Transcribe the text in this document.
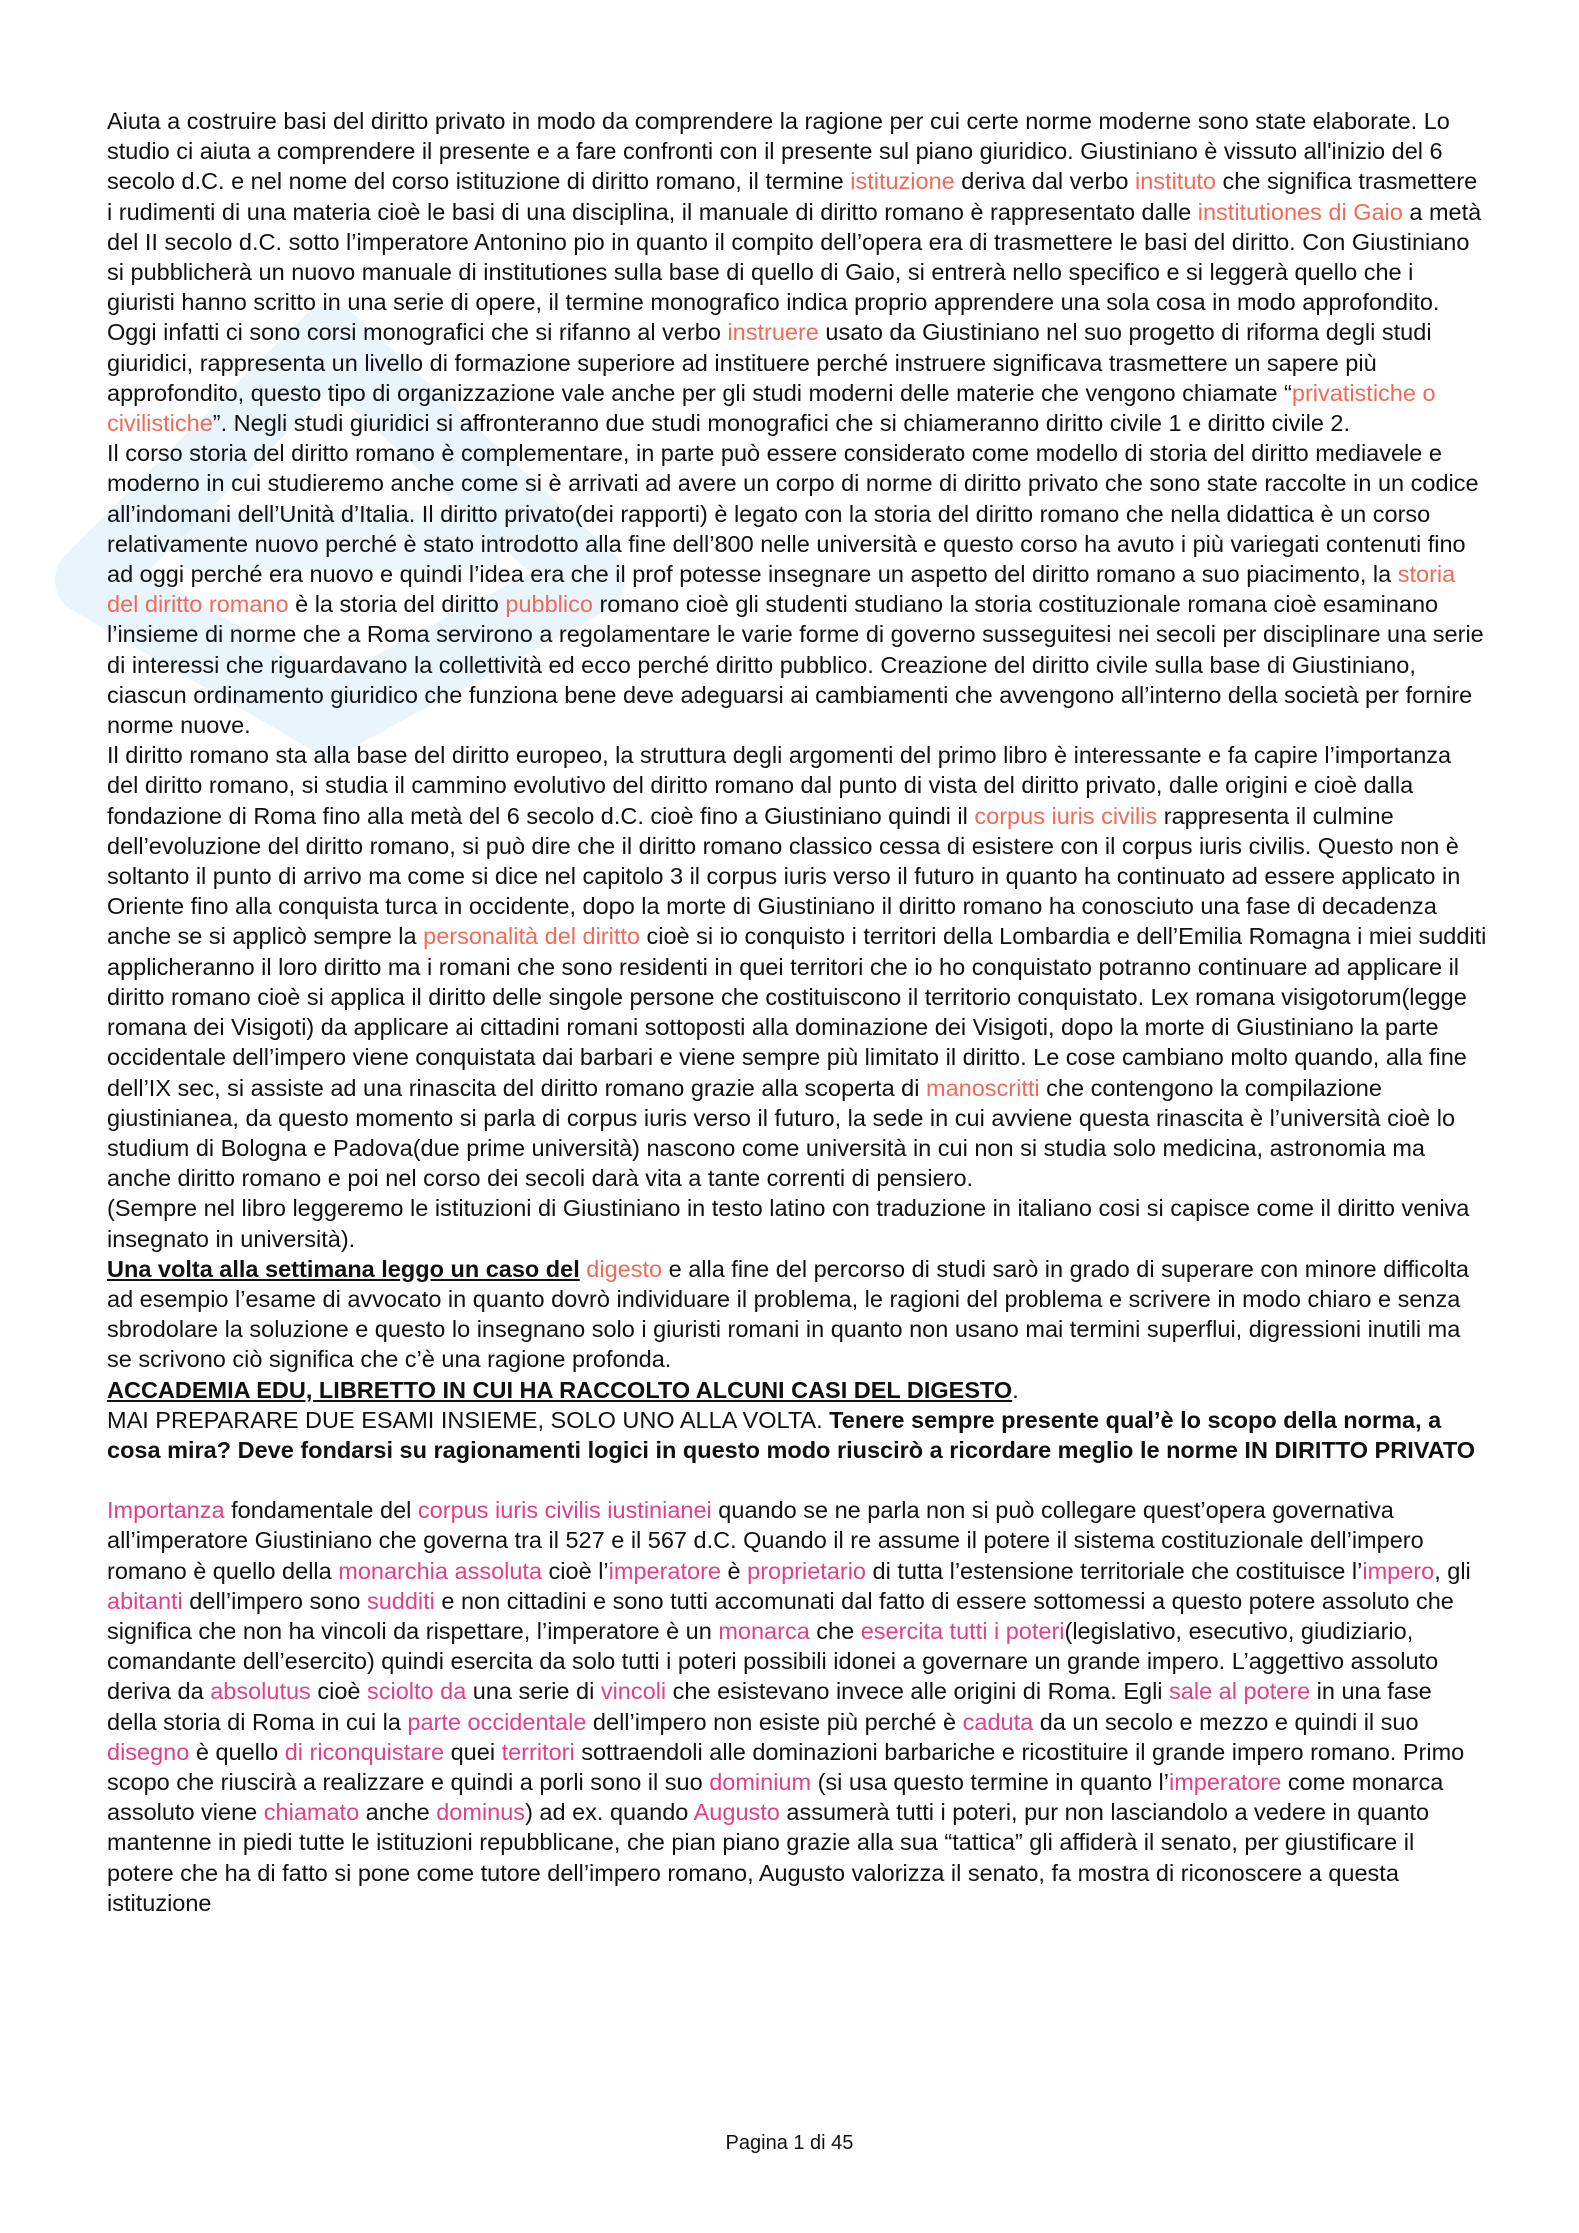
Aiuta a costruire basi del diritto privato in modo da comprendere la ragione per cui certe norme moderne sono state elaborate. Lo studio ci aiuta a comprendere il presente e a fare confronti con il presente sul piano giuridico. Giustiniano è vissuto all'inizio del 6 secolo d.C. e nel nome del corso istituzione di diritto romano, il termine istituzione deriva dal verbo instituto che significa trasmettere i rudimenti di una materia cioè le basi di una disciplina, il manuale di diritto romano è rappresentato dalle institutiones di Gaio a metà del II secolo d.C. sotto l’imperatore Antonino pio in quanto il compito dell’opera era di trasmettere le basi del diritto. Con Giustiniano si pubblicherà un nuovo manuale di institutiones sulla base di quello di Gaio, si entrerà nello specifico e si leggerà quello che i giuristi hanno scritto in una serie di opere, il termine monografico indica proprio apprendere una sola cosa in modo approfondito. Oggi infatti ci sono corsi monografici che si rifanno al verbo instruere usato da Giustiniano nel suo progetto di riforma degli studi giuridici, rappresenta un livello di formazione superiore ad instituere perché instruere significava trasmettere un sapere più approfondito, questo tipo di organizzazione vale anche per gli studi moderni delle materie che vengono chiamate “privatistiche o civilistiche”. Negli studi giuridici si affronteranno due studi monografici che si chiameranno diritto civile 1 e diritto civile 2.

Il corso storia del diritto romano è complementare, in parte può essere considerato come modello di storia del diritto mediavele e moderno in cui studieremo anche come si è arrivati ad avere un corpo di norme di diritto privato che sono state raccolte in un codice all’indomani dell’Unità d’Italia. Il diritto privato(dei rapporti) è legato con la storia del diritto romano che nella didattica è un corso relativamente nuovo perché è stato introdotto alla fine dell’800 nelle università e questo corso ha avuto i più variegati contenuti fino ad oggi perché era nuovo e quindi l’idea era che il prof potesse insegnare un aspetto del diritto romano a suo piacimento, la storia del diritto romano è la storia del diritto pubblico romano cioè gli studenti studiano la storia costituzionale romana cioè esaminano l’insieme di norme che a Roma servirono a regolamentare le varie forme di governo susseguitesi nei secoli per disciplinare una serie di interessi che riguardavano la collettività ed ecco perché diritto pubblico. Creazione del diritto civile sulla base di Giustiniano, ciascun ordinamento giuridico che funziona bene deve adeguarsi ai cambiamenti che avvengono all’interno della società per fornire norme nuove.

Il diritto romano sta alla base del diritto europeo, la struttura degli argomenti del primo libro è interessante e fa capire l’importanza del diritto romano, si studia il cammino evolutivo del diritto romano dal punto di vista del diritto privato, dalle origini e cioè dalla fondazione di Roma fino alla metà del 6 secolo d.C. cioè fino a Giustiniano quindi il corpus iuris civilis rappresenta il culmine dell’evoluzione del diritto romano, si può dire che il diritto romano classico cessa di esistere con il corpus iuris civilis. Questo non è soltanto il punto di arrivo ma come si dice nel capitolo 3 il corpus iuris verso il futuro in quanto ha continuato ad essere applicato in Oriente fino alla conquista turca in occidente, dopo la morte di Giustiniano il diritto romano ha conosciuto una fase di decadenza anche se si applicò sempre la personalità del diritto cioè si io conquisto i territori della Lombardia e dell’Emilia Romagna i miei sudditi applicheranno il loro diritto ma i romani che sono residenti in quei territori che io ho conquistato potranno continuare ad applicare il diritto romano cioè si applica il diritto delle singole persone che costituiscono il territorio conquistato. Lex romana visigotorum(legge romana dei Visigoti) da applicare ai cittadini romani sottoposti alla dominazione dei Visigoti, dopo la morte di Giustiniano la parte occidentale dell’impero viene conquistata dai barbari e viene sempre più limitato il diritto. Le cose cambiano molto quando, alla fine dell’IX sec, si assiste ad una rinascita del diritto romano grazie alla scoperta di manoscritti che contengono la compilazione giustinianea, da questo momento si parla di corpus iuris verso il futuro, la sede in cui avviene questa rinascita è l’università cioè lo studium di Bologna e Padova(due prime università) nascono come università in cui non si studia solo medicina, astronomia ma anche diritto romano e poi nel corso dei secoli darà vita a tante correnti di pensiero.

(Sempre nel libro leggeremo le istituzioni di Giustiniano in testo latino con traduzione in italiano cosi si capisce come il diritto veniva insegnato in università).

Una volta alla settimana leggo un caso del digesto e alla fine del percorso di studi sarò in grado di superare con minore difficolta ad esempio l’esame di avvocato in quanto dovrò individuare il problema, le ragioni del problema e scrivere in modo chiaro e senza sbrodolare la soluzione e questo lo insegnano solo i giuristi romani in quanto non usano mai termini superflui, digressioni inutili ma se scrivono ciò significa che c’è una ragione profonda.

ACCADEMIA EDU, LIBRETTO IN CUI HA RACCOLTO ALCUNI CASI DEL DIGESTO.

MAI PREPARARE DUE ESAMI INSIEME, SOLO UNO ALLA VOLTA. Tenere sempre presente qual’è lo scopo della norma, a cosa mira? Deve fondarsi su ragionamenti logici in questo modo riuscirò a ricordare meglio le norme IN DIRITTO PRIVATO

Importanza fondamentale del corpus iuris civilis iustinianei quando se ne parla non si può collegare quest’opera governativa all’imperatore Giustiniano che governa tra il 527 e il 567 d.C. Quando il re assume il potere il sistema costituzionale dell’impero romano è quello della monarchia assoluta cioè l’imperatore è proprietario di tutta l’estensione territoriale che costituisce l’impero, gli abitanti dell’impero sono sudditi e non cittadini e sono tutti accomunati dal fatto di essere sottomessi a questo potere assoluto che significa che non ha vincoli da rispettare, l’imperatore è un monarca che esercita tutti i poteri(legislativo, esecutivo, giudiziario, comandante dell’esercito) quindi esercita da solo tutti i poteri possibili idonei a governare un grande impero. L’aggettivo assoluto deriva da absolutus cioè sciolto da una serie di vincoli che esistevano invece alle origini di Roma. Egli sale al potere in una fase della storia di Roma in cui la parte occidentale dell’impero non esiste più perché è caduta da un secolo e mezzo e quindi il suo disegno è quello di riconquistare quei territori sottraendoli alle dominazioni barbariche e ricostituire il grande impero romano. Primo scopo che riuscirà a realizzare e quindi a porli sono il suo dominium (si usa questo termine in quanto l’imperatore come monarca assoluto viene chiamato anche dominus) ad ex. quando Augusto assumerà tutti i poteri, pur non lasciandolo a vedere in quanto mantenne in piedi tutte le istituzioni repubblicane, che pian piano grazie alla sua “tattica” gli affiderà il senato, per giustificare il potere che ha di fatto si pone come tutore dell’impero romano, Augusto valorizza il senato, fa mostra di riconoscere a questa istituzione

Pagina 1 di 45
